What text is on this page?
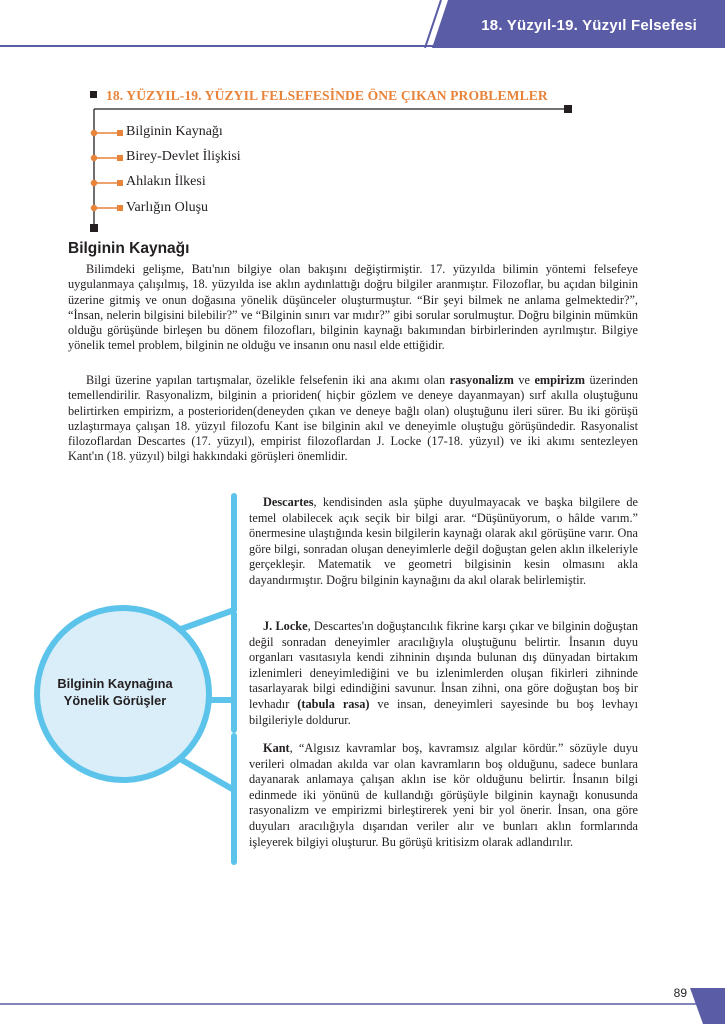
18. Yüzyıl-19. Yüzyıl Felsefesi
18. YÜZYIL-19. YÜZYIL FELSEFESİNDE ÖNE ÇIKAN PROBLEMLER
Bilginin Kaynağı
Birey-Devlet İlişkisi
Ahlakın İlkesi
Varlığın Oluşu
Bilginin Kaynağı

Bilimdeki gelişme, Batı'nın bilgiye olan bakışını değiştirmiştir. 17. yüzyılda bilimin yöntemi felsefeye uygulanmaya çalışılmış, 18. yüzyılda ise aklın aydınlattığı doğru bilgiler aranmıştır. Filozoflar, bu açıdan bilginin üzerine gitmiş ve onun doğasına yönelik düşünceler oluşturmuştur. “Bir şeyi bilmek ne anlama gelmektedir?”, “İnsan, nelerin bilgisini bilebilir?” ve “Bilginin sınırı var mıdır?” gibi sorular sorulmuştur. Doğru bilginin mümkün olduğu görüşünde birleşen bu dönem filozofları, bilginin kaynağı bakımından birbirlerinden ayrılmıştır. Bilgiye yönelik temel problem, bilginin ne olduğu ve insanın onu nasıl elde ettiğidir.

Bilgi üzerine yapılan tartışmalar, özelikle felsefenin iki ana akımı olan rasyonalizm ve empirizm üzerinden temellendirilir. Rasyonalizm, bilginin a prioriden( hiçbir gözlem ve deneye dayanmayan) sırf akılla oluştuğunu belirtirken empirizm, a posterioriden(deneyden çıkan ve deneye bağlı olan) oluştuğunu ileri sürer. Bu iki görüşü uzlaştırmaya çalışan 18. yüzyıl filozofu Kant ise bilginin akıl ve deneyimle oluştuğu görüşündedir. Rasyonalist filozoflardan Descartes (17. yüzyıl), empirist filozoflardan J. Locke (17-18. yüzyıl) ve iki akımı sentezleyen Kant'ın (18. yüzyıl) bilgi hakkındaki görüşleri önemlidir.

Bilginin Kaynağına
Yönelik Görüşler

Descartes, kendisinden asla şüphe duyulmayacak ve başka bilgilere de temel olabilecek açık seçik bir bilgi arar. “Düşünüyorum, o hâlde varım.” önermesine ulaştığında kesin bilgilerin kaynağı olarak akıl görüşüne varır. Ona göre bilgi, sonradan oluşan deneyimlerle değil doğuştan gelen aklın ilkeleriyle gerçekleşir. Matematik ve geometri bilgisinin kesin olmasını akla dayandırmıştır. Doğru bilginin kaynağını da akıl olarak belirlemiştir.

J. Locke, Descartes'ın doğuştancılık fikrine karşı çıkar ve bilginin doğuştan değil sonradan deneyimler aracılığıyla oluştuğunu belirtir. İnsanın duyu organları vasıtasıyla kendi zihninin dışında bulunan dış dünyadan birtakım izlenimleri deneyimlediğini ve bu izlenimlerden oluşan fikirleri zihninde tasarlayarak bilgi edindiğini savunur. İnsan zihni, ona göre doğuştan boş bir levhadır (tabula rasa) ve insan, deneyimleri sayesinde bu boş levhayı bilgileriyle doldurur.

Kant, “Algısız kavramlar boş, kavramsız algılar kördür.” sözüyle duyu verileri olmadan akılda var olan kavramların boş olduğunu, sadece bunlara dayanarak anlamaya çalışan aklın ise kör olduğunu belirtir. İnsanın bilgi edinmede iki yönünü de kullandığı görüşüyle bilginin kaynağı konusunda rasyonalizm ve empirizmi birleştirerek yeni bir yol önerir. İnsan, ona göre duyuları aracılığıyla dışarıdan veriler alır ve bunları aklın formlarında işleyerek bilgiyi oluşturur. Bu görüşü kritisizm olarak adlandırılır.

89
